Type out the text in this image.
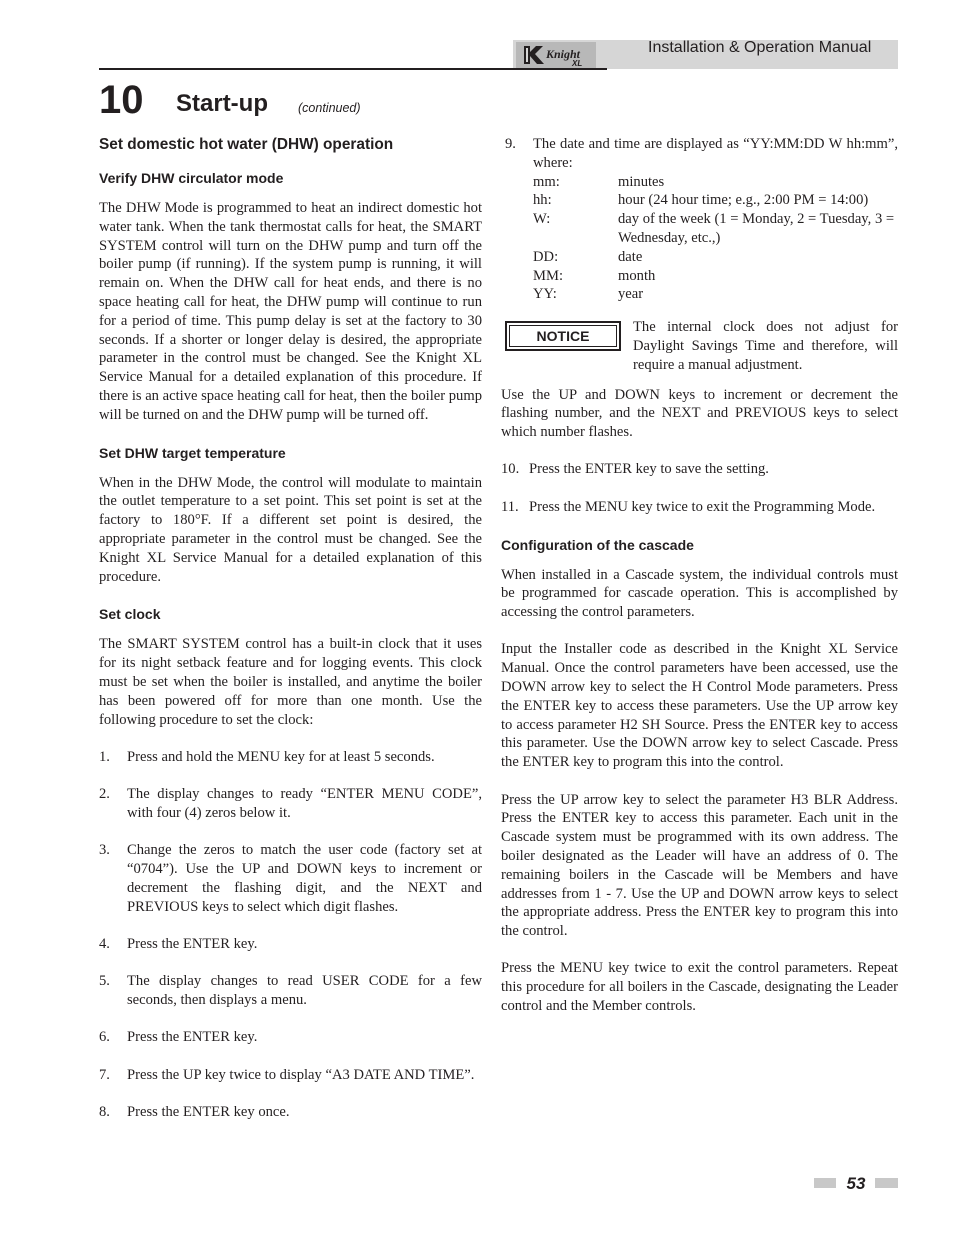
Knight
XL
Installation & Operation Manual
10 Start-up (continued)
Set domestic hot water (DHW) operation
Verify DHW circulator mode

The DHW Mode is programmed to heat an indirect domestic hot water tank. When the tank thermostat calls for heat, the SMART SYSTEM control will turn on the DHW pump and turn off the boiler pump (if running). If the system pump is running, it will remain on. When the DHW call for heat ends, and there is no space heating call for heat, the DHW pump will continue to run for a period of time. This pump delay is set at the factory to 30 seconds. If a shorter or longer delay is desired, the appropriate parameter in the control must be changed. See the Knight XL Service Manual for a detailed explanation of this procedure. If there is an active space heating call for heat, then the boiler pump will be turned on and the DHW pump will be turned off.

Set DHW target temperature

When in the DHW Mode, the control will modulate to maintain the outlet temperature to a set point. This set point is set at the factory to 180°F. If a different set point is desired, the appropriate parameter in the control must be changed. See the Knight XL Service Manual for a detailed explanation of this procedure.

Set clock

The SMART SYSTEM control has a built-in clock that it uses for its night setback feature and for logging events. This clock must be set when the boiler is installed, and anytime the boiler has been powered off for more than one month. Use the following procedure to set the clock:

1. Press and hold the MENU key for at least 5 seconds.
2. The display changes to ready “ENTER MENU CODE”, with four (4) zeros below it.
3. Change the zeros to match the user code (factory set at “0704”). Use the UP and DOWN keys to increment or decrement the flashing digit, and the NEXT and PREVIOUS keys to select which digit flashes.
4. Press the ENTER key.
5. The display changes to read USER CODE for a few seconds, then displays a menu.
6. Press the ENTER key.
7. Press the UP key twice to display “A3 DATE AND TIME”.
8. Press the ENTER key once.
9. The date and time are displayed as “YY:MM:DD W hh:mm”, where:
mm:	minutes
hh:	hour (24 hour time; e.g., 2:00 PM = 14:00)
W:	day of the week (1 = Monday, 2 = Tuesday, 3 = Wednesday, etc.,)
DD:	date
MM:	month
YY:	year
NOTICE
The internal clock does not adjust for Daylight Savings Time and therefore, will require a manual adjustment.

Use the UP and DOWN keys to increment or decrement the flashing number, and the NEXT and PREVIOUS keys to select which number flashes.

10. Press the ENTER key to save the setting.
11. Press the MENU key twice to exit the Programming Mode.
Configuration of the cascade

When installed in a Cascade system, the individual controls must be programmed for cascade operation. This is accomplished by accessing the control parameters.

Input the Installer code as described in the Knight XL Service Manual. Once the control parameters have been accessed, use the DOWN arrow key to select the H Control Mode parameters. Press the ENTER key to access these parameters. Use the UP arrow key to access parameter H2 SH Source. Press the ENTER key to access this parameter. Use the DOWN arrow key to select Cascade. Press the ENTER key to program this into the control.

Press the UP arrow key to select the parameter H3 BLR Address. Press the ENTER key to access this parameter. Each unit in the Cascade system must be programmed with its own address. The boiler designated as the Leader will have an address of 0. The remaining boilers in the Cascade will be Members and have addresses from 1 - 7. Use the UP and DOWN arrow keys to select the appropriate address. Press the ENTER key to program this into the control.

Press the MENU key twice to exit the control parameters. Repeat this procedure for all boilers in the Cascade, designating the Leader control and the Member controls.

53
